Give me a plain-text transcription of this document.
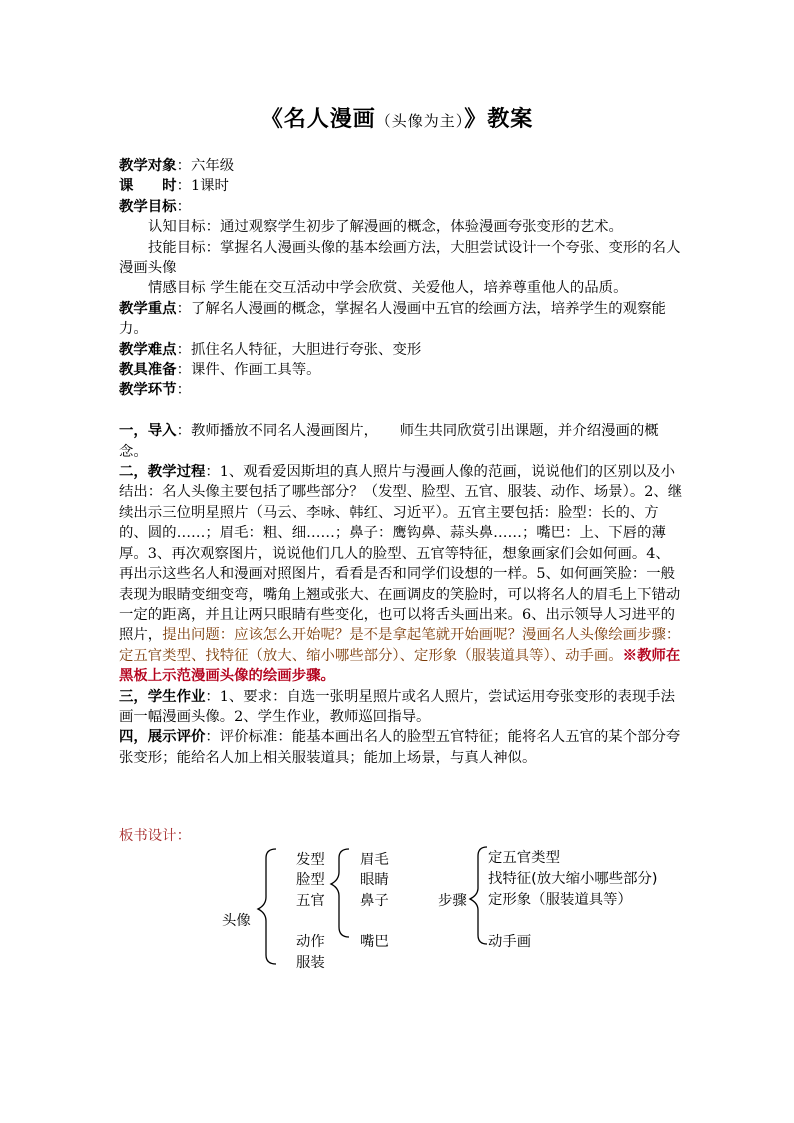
《名人漫画（头像为主）》教案

教学对象：六年级

课　　时：1课时

教学目标：

认知目标：通过观察学生初步了解漫画的概念，体验漫画夸张变形的艺术。

技能目标：掌握名人漫画头像的基本绘画方法，大胆尝试设计一个夸张、变形的名人漫画头像

情感目标 学生能在交互活动中学会欣赏、关爱他人，培养尊重他人的品质。

教学重点：了解名人漫画的概念，掌握名人漫画中五官的绘画方法，培养学生的观察能力。

教学难点：抓住名人特征，大胆进行夸张、变形

教具准备：课件、作画工具等。

教学环节：

一，导入：教师播放不同名人漫画图片，　　师生共同欣赏引出课题，并介绍漫画的概念。

二，教学过程：1、观看爱因斯坦的真人照片与漫画人像的范画，说说他们的区别以及小结出：名人头像主要包括了哪些部分？（发型、脸型、五官、服装、动作、场景）。2、继续出示三位明星照片（马云、李咏、韩红、习近平）。五官主要包括：脸型：长的、方的、圆的……；眉毛：粗、细……；鼻子：鹰钩鼻、蒜头鼻……；嘴巴：上、下唇的薄厚。3、再次观察图片，说说他们几人的脸型、五官等特征，想象画家们会如何画。4、再出示这些名人和漫画对照图片，看看是否和同学们设想的一样。5、如何画笑脸：一般表现为眼睛变细变弯，嘴角上翘或张大、在画调皮的笑脸时，可以将名人的眉毛上下错动一定的距离，并且让两只眼睛有些变化，也可以将舌头画出来。6、出示领导人习进平的照片，提出问题：应该怎么开始呢？是不是拿起笔就开始画呢？漫画名人头像绘画步骤：定五官类型、找特征（放大、缩小哪些部分）、定形象（服装道具等）、动手画。※教师在黑板上示范漫画头像的绘画步骤。

三，学生作业：1、要求：自选一张明星照片或名人照片，尝试运用夸张变形的表现手法画一幅漫画头像。2、学生作业，教师巡回指导。

四，展示评价：评价标准：能基本画出名人的脸型五官特征；能将名人五官的某个部分夸张变形；能给名人加上相关服装道具；能加上场景，与真人神似。

板书设计：
头像
发型
脸型
五官
动作
服装
眉毛
眼睛
鼻子
嘴巴
步骤
定五官类型
找特征(放大缩小哪些部分)
定形象（服装道具等）
动手画
